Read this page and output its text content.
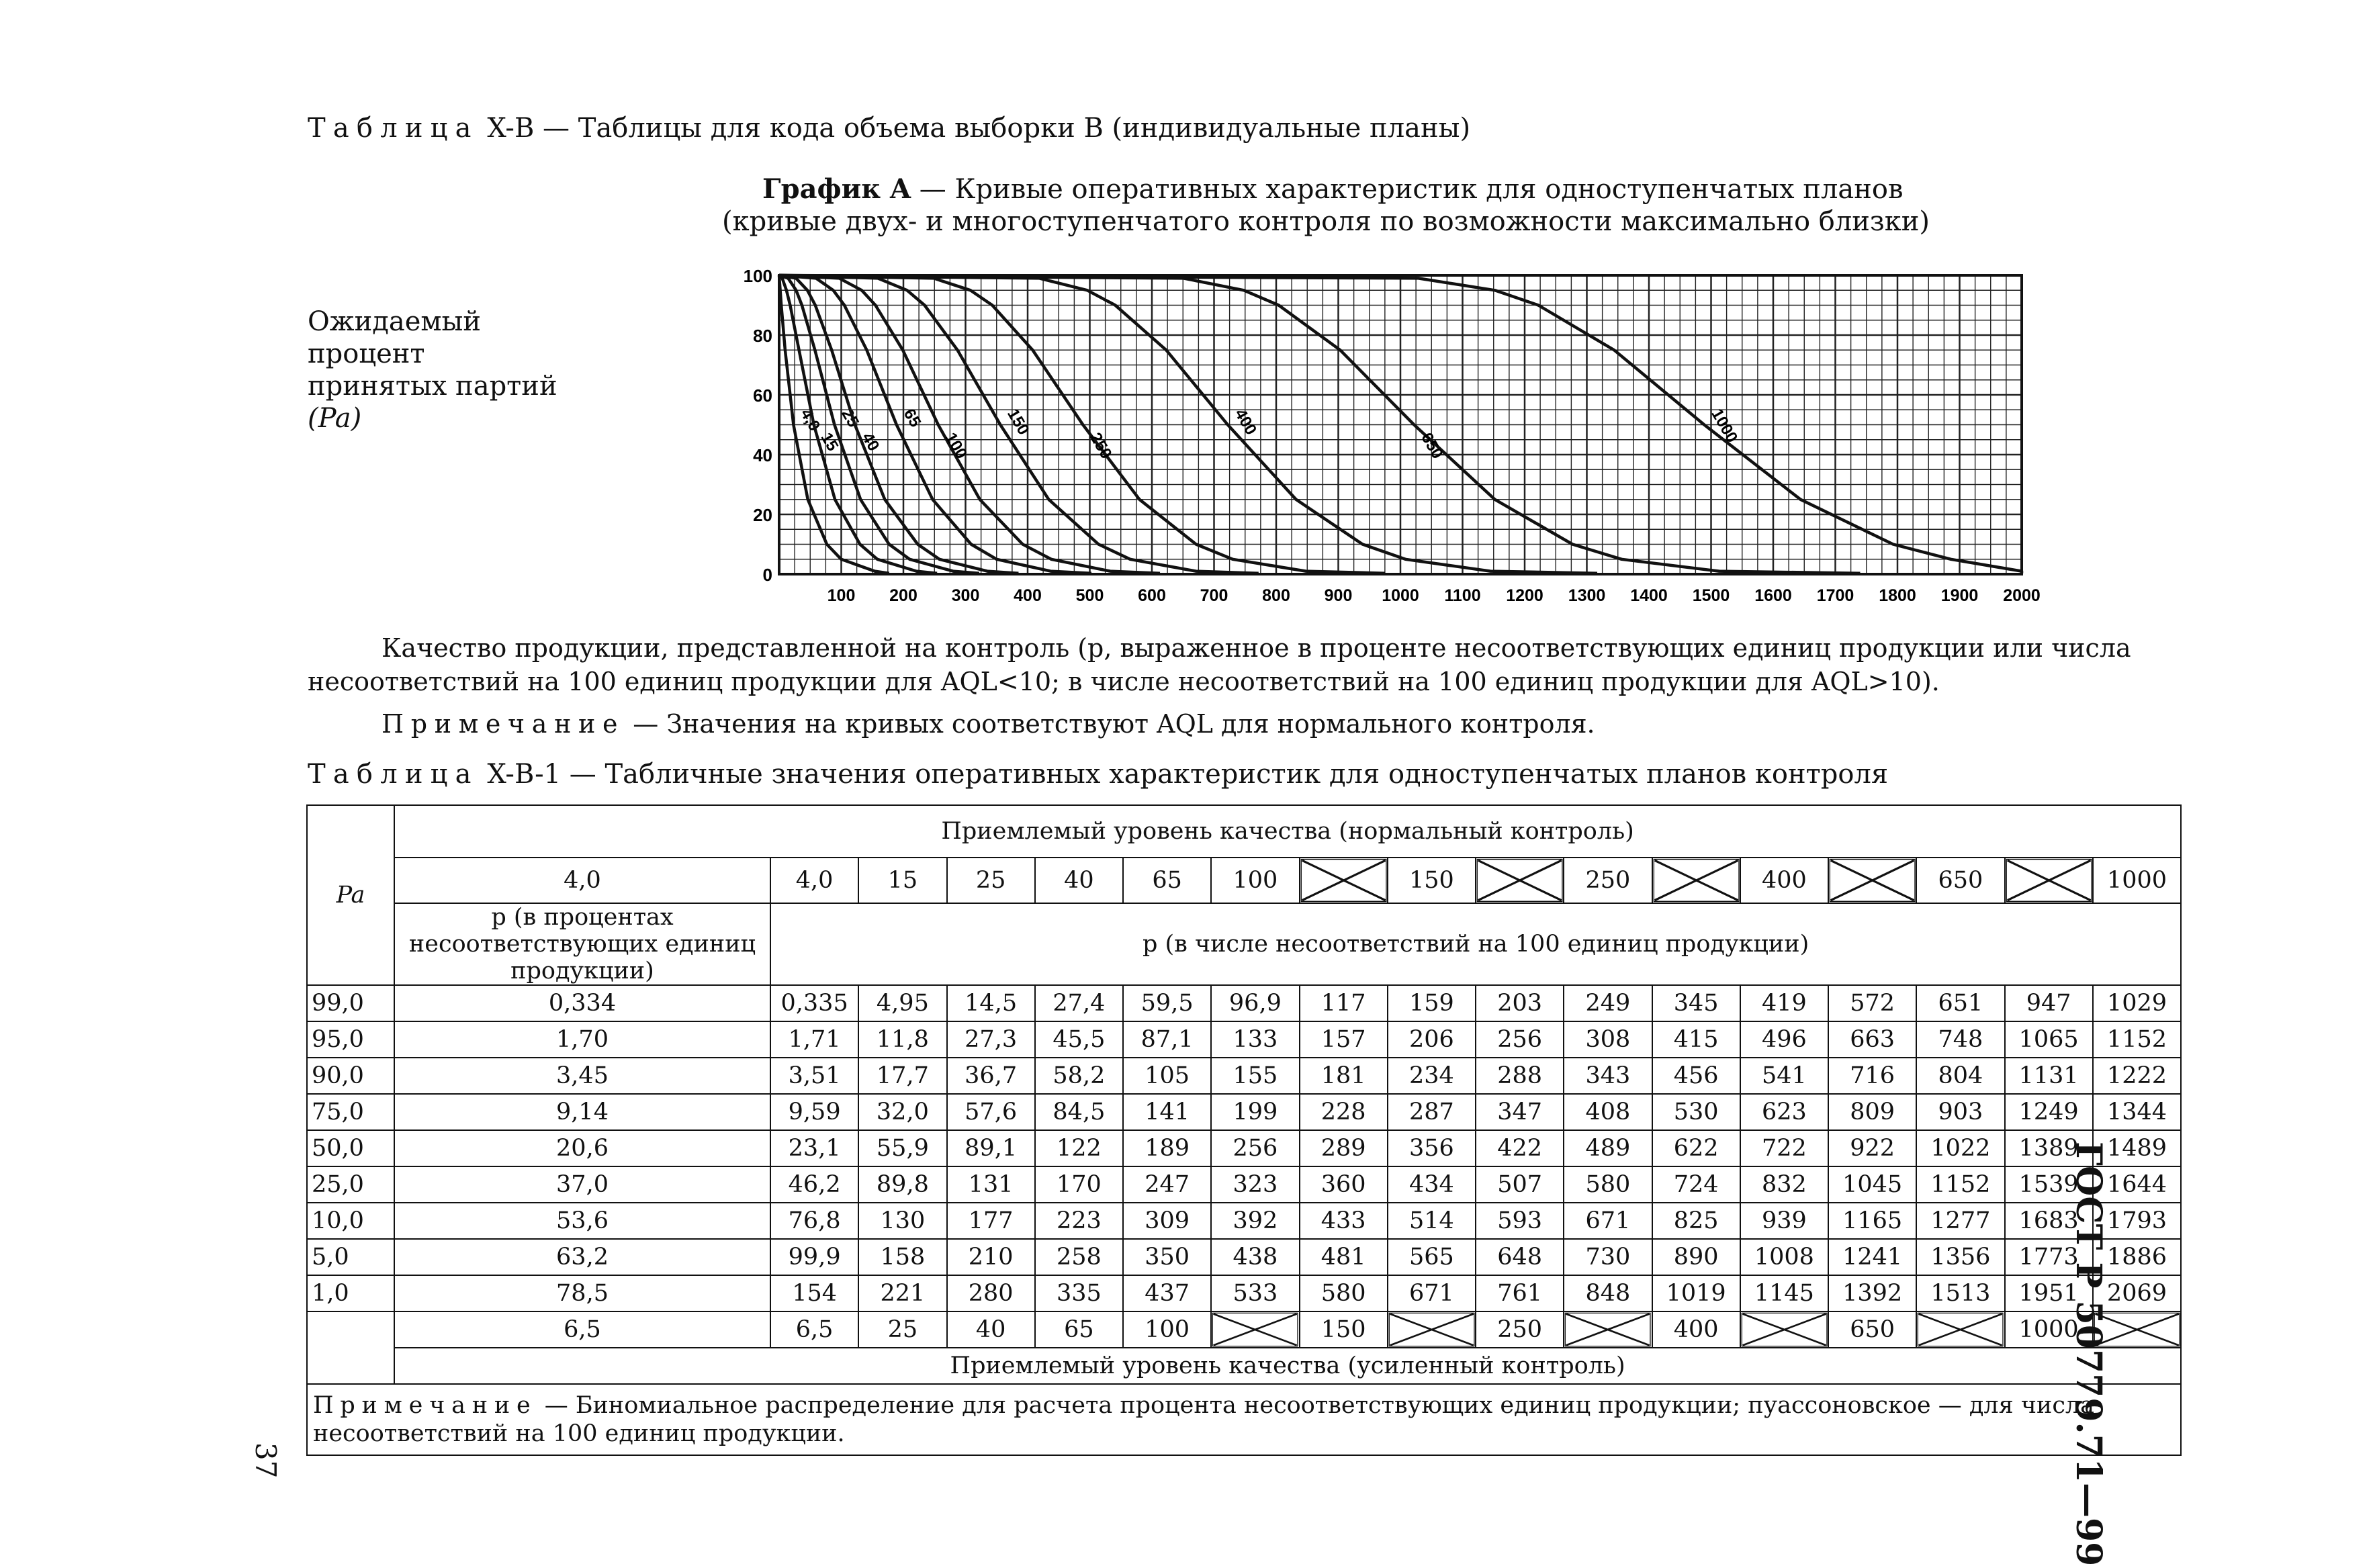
Таблица X-B — Таблицы для кода объема выборки B (индивидуальные планы)
График A — Кривые оперативных характеристик для одноступенчатых планов
(кривые двух- и многоступенчатого контроля по возможности максимально близки)
Ожидаемый процент
принятых партий
(Pa)
0
20
40
60
80
100
100 200 300 400 500 600 700 800 900 1000 1100 1200 1300 1400 1500 1600 1700 1800 1900 2000
4,0
15
25
40
65
100
150
250
400
650	1000
Качество продукции, представленной на контроль (p, выраженное в проценте несоответствующих единиц продукции или числа несоответствий на 100 единиц продукции для AQL<10; в числе несоответствий на 100 единиц продукции для AQL>10).
Примечание — Значения на кривых соответствуют AQL для нормального контроля.
Таблица X-B-1 — Табличные значения оперативных характеристик для одноступенчатых планов контроля
Pa	Приемлемый уровень качества (нормальный контроль)																
	4,0	4,0	15	25	40	65	100		150		250		400		650		1000
	p (в процентах несоответствующих единиц продукции)	p (в числе несоответствий на 100 единиц продукции)															
99,0	0,334	0,335	4,95	14,5	27,4	59,5	96,9	117	159	203	249	345	419	572	651	947	1029
95,0	1,70	1,71	11,8	27,3	45,5	87,1	133	157	206	256	308	415	496	663	748	1065	1152
90,0	3,45	3,51	17,7	36,7	58,2	105	155	181	234	288	343	456	541	716	804	1131	1222
75,0	9,14	9,59	32,0	57,6	84,5	141	199	228	287	347	408	530	623	809	903	1249	1344
50,0	20,6	23,1	55,9	89,1	122	189	256	289	356	422	489	622	722	922	1022	1389	1489
25,0	37,0	46,2	89,8	131	170	247	323	360	434	507	580	724	832	1045	1152	1539	1644
10,0	53,6	76,8	130	177	223	309	392	433	514	593	671	825	939	1165	1277	1683	1793
5,0	63,2	99,9	158	210	258	350	438	481	565	648	730	890	1008	1241	1356	1773	1886
1,0	78,5	154	221	280	335	437	533	580	671	761	848	1019	1145	1392	1513	1951	2069
	6,5	6,5	25	40	65	100		150		250		400		650		1000	

	Приемлемый уровень качества (усиленный контроль)																
Примечание — Биномиальное распределение для расчета процента несоответствующих единиц продукции; пуассоновское — для числа несоответствий на 100 единиц продукции.																		ГОСТ Р 50779.71—99
37
